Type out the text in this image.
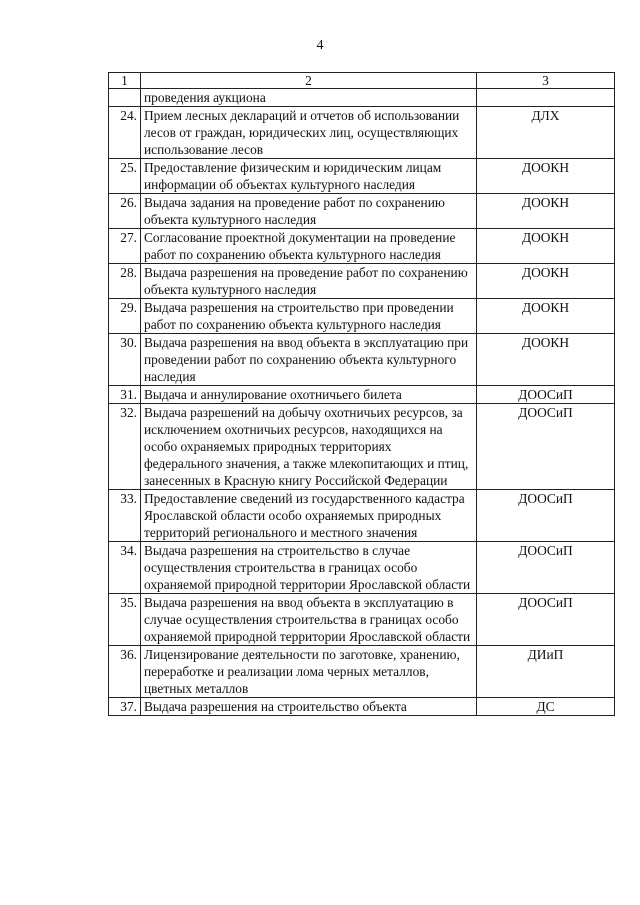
4
1	2	3
	проведения аукциона	
24.	Прием лесных деклараций и отчетов об использовании лесов от граждан, юридических лиц, осуществляющих использование лесов	ДЛХ
25.	Предоставление физическим и юридическим лицам информации об объектах культурного наследия	ДООКН
26.	Выдача задания на проведение работ по сохранению объекта культурного наследия	ДООКН
27.	Согласование проектной документации на проведение работ по сохранению объекта культурного наследия	ДООКН
28.	Выдача разрешения на проведение работ по сохранению объекта культурного наследия	ДООКН
29.	Выдача разрешения на строительство при проведении работ по сохранению объекта культурного наследия	ДООКН
30.	Выдача разрешения на ввод объекта в эксплуатацию при проведении работ по сохранению объекта культурного наследия	ДООКН
31.	Выдача и аннулирование охотничьего билета	ДООСиП
32.	Выдача разрешений на добычу охотничьих ресурсов, за исключением охотничьих ресурсов, находящихся на особо охраняемых природных территориях федерального значения, а также млекопитающих и птиц, занесенных в Красную книгу Российской Федерации	ДООСиП
33.	Предоставление сведений из государственного кадастра Ярославской области особо охраняемых природных территорий регионального и местного значения	ДООСиП
34.	Выдача разрешения на строительство в случае осуществления строительства в границах особо охраняемой природной территории Ярославской области	ДООСиП
35.	Выдача разрешения на ввод объекта в эксплуатацию в случае осуществления строительства в границах особо охраняемой природной территории Ярославской области	ДООСиП
36.	Лицензирование деятельности по заготовке, хранению, переработке и реализации лома черных металлов, цветных металлов	ДИиП
37.	Выдача разрешения на строительство объекта	ДС
